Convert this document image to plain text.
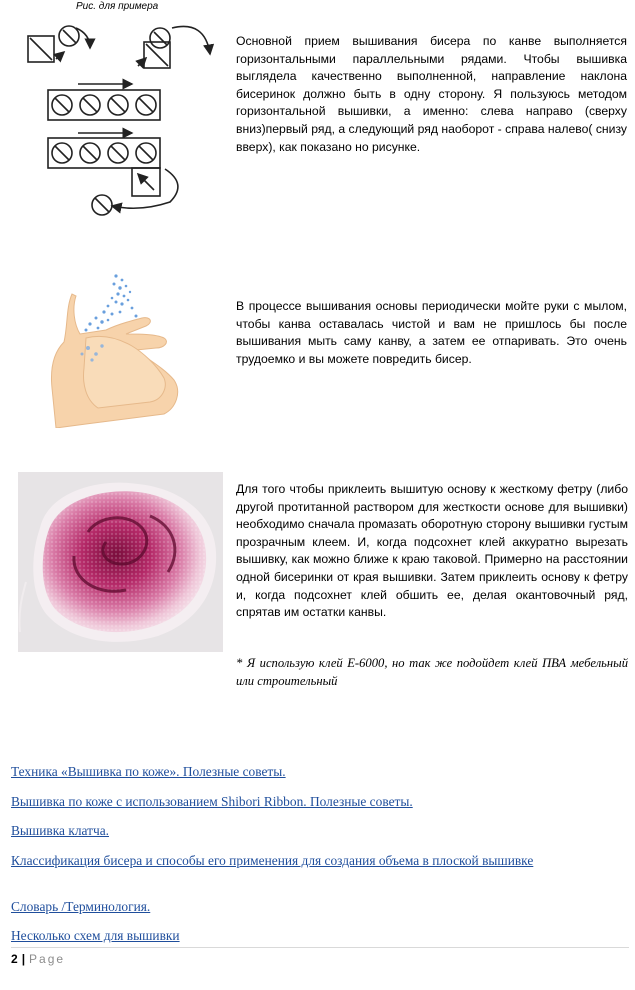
Рис. для примера
Основной прием вышивания бисера по канве выполняется горизонтальными параллельными рядами. Чтобы вышивка выглядела качественно выполненной, направление наклона бисеринок должно быть в одну сторону. Я пользуюсь методом горизонтальной вышивки, а именно: слева направо (сверху вниз)первый ряд, а следующий ряд наоборот - справа налево( снизу вверх), как показано но рисунке.
В процессе вышивания основы периодически мойте руки с мылом, чтобы канва оставалась чистой и вам не пришлось бы после вышивания мыть саму канву, а затем ее отпаривать. Это очень трудоемко и вы можете повредить бисер.
Для того чтобы приклеить вышитую основу к жесткому фетру (либо другой протитанной раствором для жесткости основе для вышивки) необходимо сначала промазать оборотную сторону вышивки густым прозрачным клеем. И, когда подсохнет клей аккуратно вырезать вышивку, как можно ближе к краю таковой. Примерно на расстоянии одной бисеринки от края вышивки. Затем приклеить основу к фетру и, когда подсохнет клей обшить ее, делая окантовочный ряд, спрятав им остатки канвы.
* Я использую клей Е-6000, но так же подойдет клей ПВА мебельный или строительный
Техника «Вышивка по коже». Полезные советы.
Вышивка по коже с использованием Shibori Ribbon. Полезные советы.
Вышивка клатча.
Классификация бисера и способы его применения для создания объема в плоской вышивке
Словарь /Терминология.
Несколько схем для вышивки
2 | Page
